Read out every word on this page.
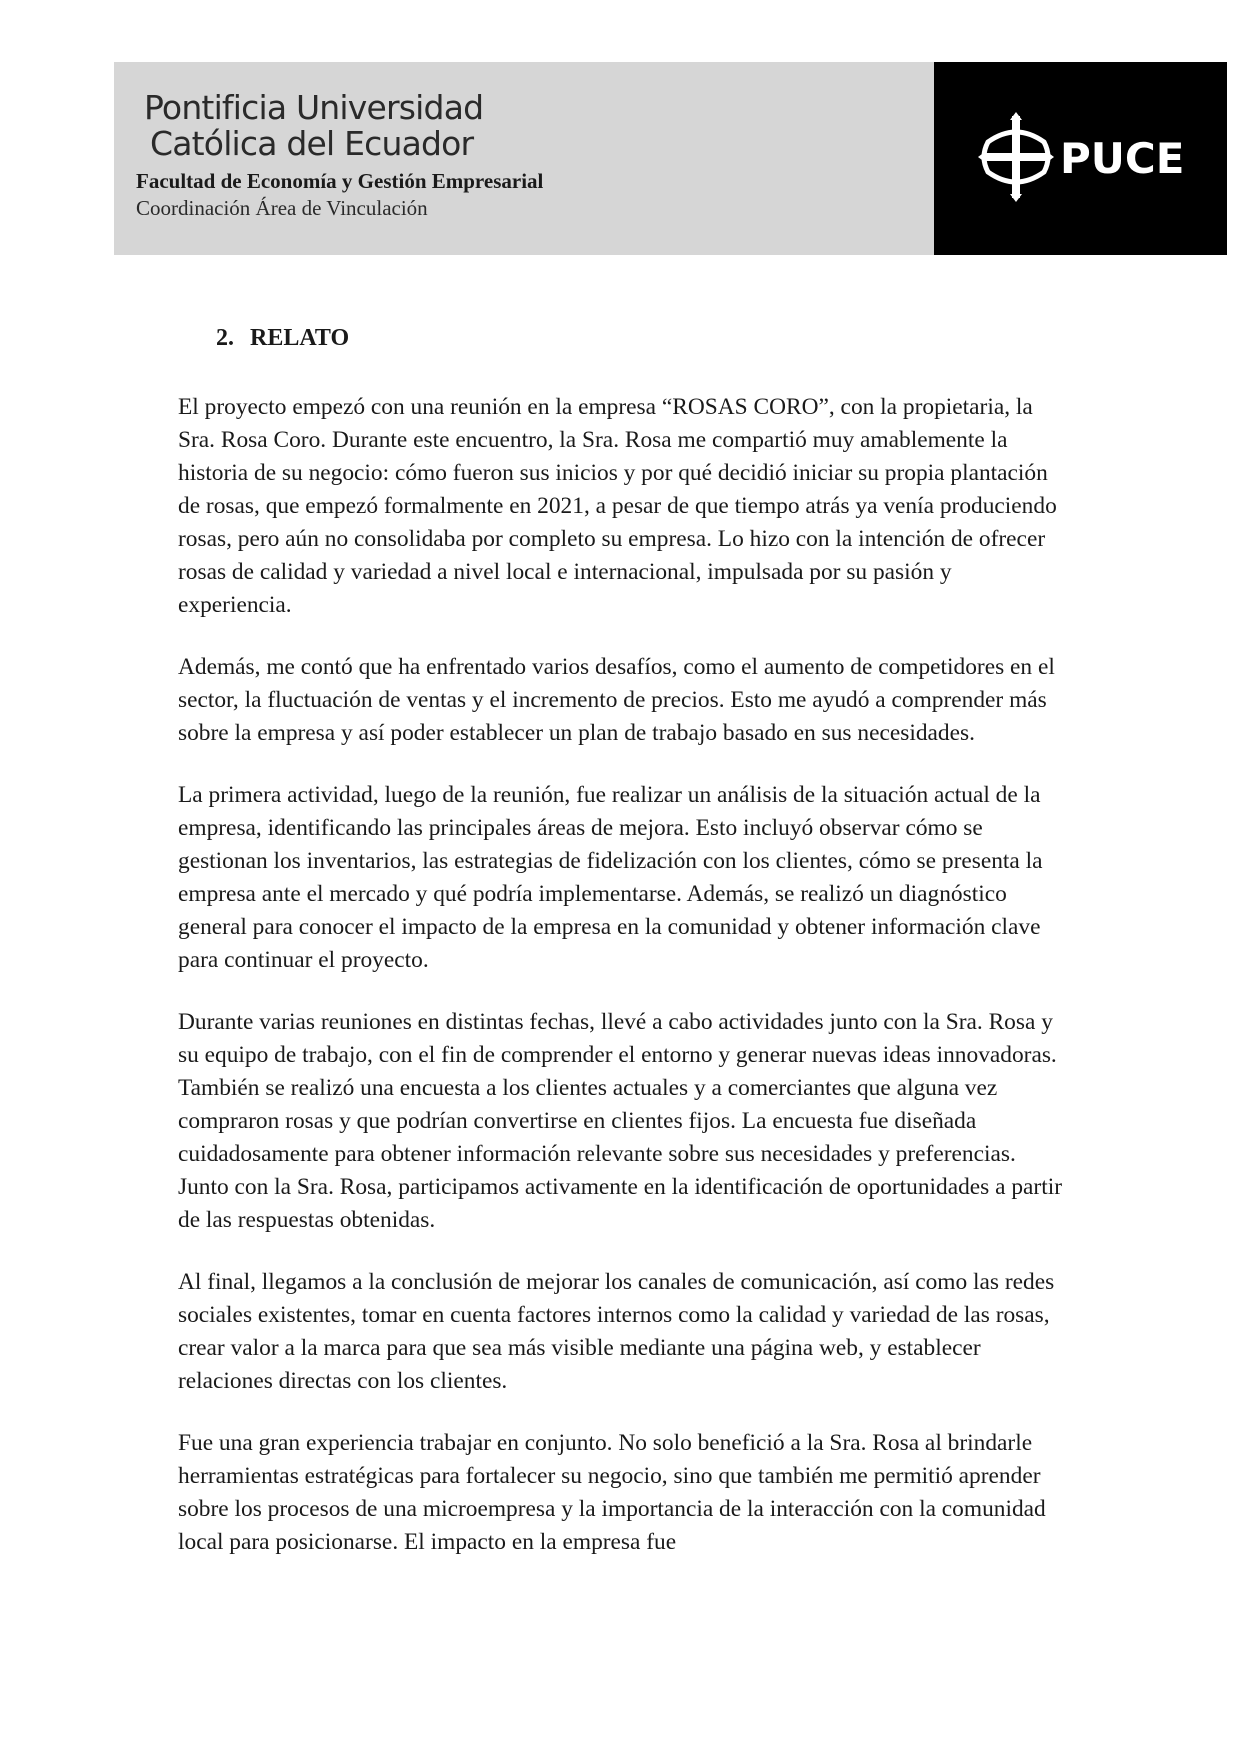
Pontificia Universidad
Católica del Ecuador
Facultad de Economía y Gestión Empresarial
Coordinación Área de Vinculación
PUCE
2. RELATO

El proyecto empezó con una reunión en la empresa “ROSAS CORO”, con la propietaria, la Sra. Rosa Coro. Durante este encuentro, la Sra. Rosa me compartió muy amablemente la historia de su negocio: cómo fueron sus inicios y por qué decidió iniciar su propia plantación de rosas, que empezó formalmente en 2021, a pesar de que tiempo atrás ya venía produciendo rosas, pero aún no consolidaba por completo su empresa. Lo hizo con la intención de ofrecer rosas de calidad y variedad a nivel local e internacional, impulsada por su pasión y experiencia.

Además, me contó que ha enfrentado varios desafíos, como el aumento de competidores en el sector, la fluctuación de ventas y el incremento de precios. Esto me ayudó a comprender más sobre la empresa y así poder establecer un plan de trabajo basado en sus necesidades.

La primera actividad, luego de la reunión, fue realizar un análisis de la situación actual de la empresa, identificando las principales áreas de mejora. Esto incluyó observar cómo se gestionan los inventarios, las estrategias de fidelización con los clientes, cómo se presenta la empresa ante el mercado y qué podría implementarse. Además, se realizó un diagnóstico general para conocer el impacto de la empresa en la comunidad y obtener información clave para continuar el proyecto.

Durante varias reuniones en distintas fechas, llevé a cabo actividades junto con la Sra. Rosa y su equipo de trabajo, con el fin de comprender el entorno y generar nuevas ideas innovadoras. También se realizó una encuesta a los clientes actuales y a comerciantes que alguna vez compraron rosas y que podrían convertirse en clientes fijos. La encuesta fue diseñada cuidadosamente para obtener información relevante sobre sus necesidades y preferencias. Junto con la Sra. Rosa, participamos activamente en la identificación de oportunidades a partir de las respuestas obtenidas.

Al final, llegamos a la conclusión de mejorar los canales de comunicación, así como las redes sociales existentes, tomar en cuenta factores internos como la calidad y variedad de las rosas, crear valor a la marca para que sea más visible mediante una página web, y establecer relaciones directas con los clientes.

Fue una gran experiencia trabajar en conjunto. No solo benefició a la Sra. Rosa al brindarle herramientas estratégicas para fortalecer su negocio, sino que también me permitió aprender sobre los procesos de una microempresa y la importancia de la interacción con la comunidad local para posicionarse. El impacto en la empresa fue
